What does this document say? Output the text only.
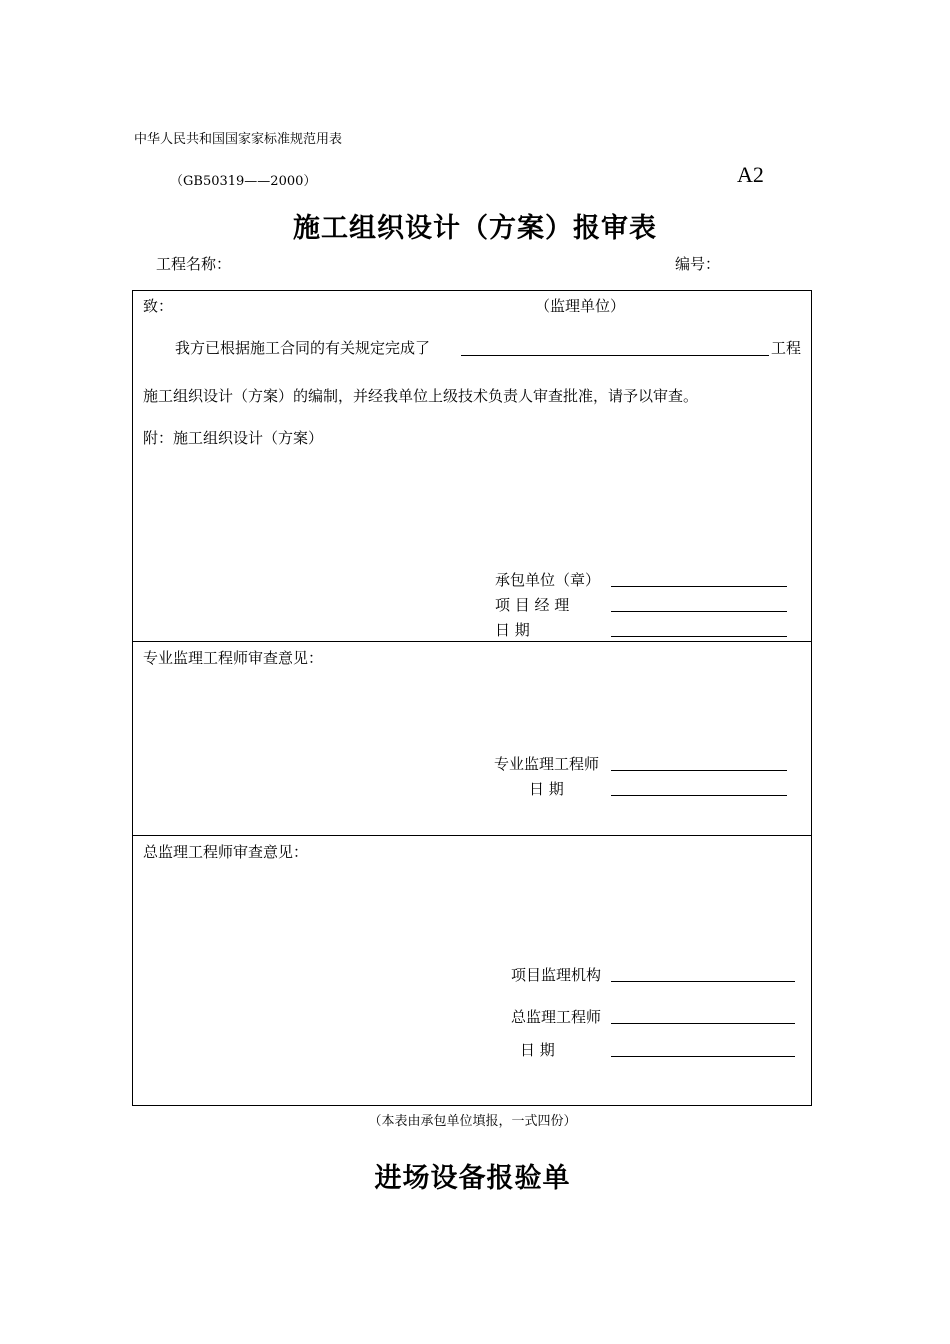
中华人民共和国国家家标准规范用表
（GB50319——2000）	A2
施工组织设计（方案）报审表
工程名称：	编号：
致：	（监理单位）
我方已根据施工合同的有关规定完成了	工程
施工组织设计（方案）的编制，并经我单位上级技术负责人审查批准，请予以审查。
附：施工组织设计（方案）
承包单位（章）
项 目 经 理
日 期
专业监理工程师审查意见：
专业监理工程师
日 期
总监理工程师审查意见：
项目监理机构
总监理工程师
日 期
（本表由承包单位填报，一式四份）
进场设备报验单
